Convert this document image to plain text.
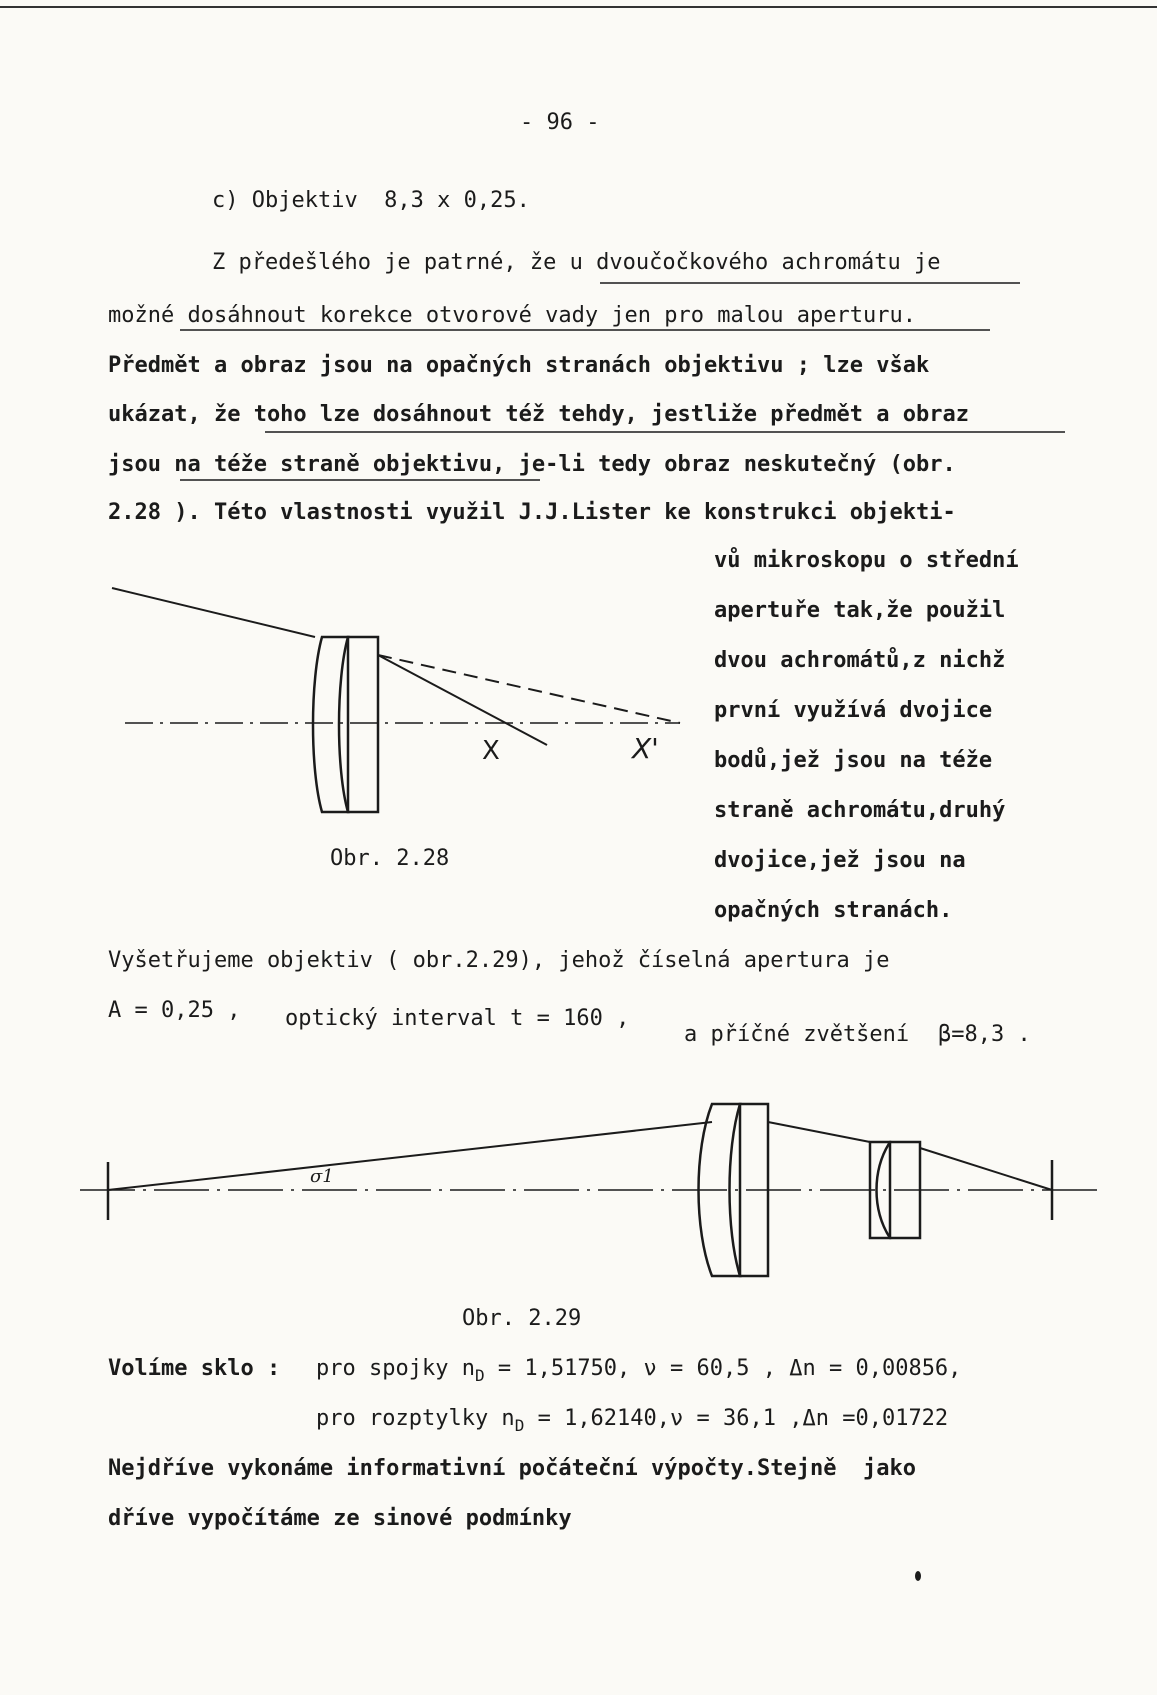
- 96 -
c) Objektiv  8,3 x 0,25.
Z předešlého je patrné, že u dvoučočkového achromátu je
možné dosáhnout korekce otvorové vady jen pro malou aperturu.
Předmět a obraz jsou na opačných stranách objektivu ; lze však
ukázat, že toho lze dosáhnout též tehdy, jestliže předmět a obraz
jsou na téže straně objektivu, je-li tedy obraz neskutečný (obr.
2.28 ). Této vlastnosti využil J.J.Lister ke konstrukci objekti-
vů mikroskopu o střední
apertuře tak,že použil
dvou achromátů,z nichž
první využívá dvojice
bodů,jež jsou na téže
straně achromátu,druhý
dvojice,jež jsou na
opačných stranách.
X	X'
Obr. 2.28
Vyšetřujeme objektiv ( obr.2.29), jehož číselná apertura je
A = 0,25 , optický interval t = 160 ,
a příčné zvětšení β=8,3 .
σ1
Obr. 2.29
Volíme sklo : pro spojky $n_D = 1,51750$, ν = 60,5 , Δn = 0,00856,
pro rozptylky $n_D = 1,62140,\nu = 36,1$ ,Δn =0,01722
Nejdříve vykonáme informativní počáteční výpočty.Stejně  jako
dříve vypočítáme ze sinové podmínky
